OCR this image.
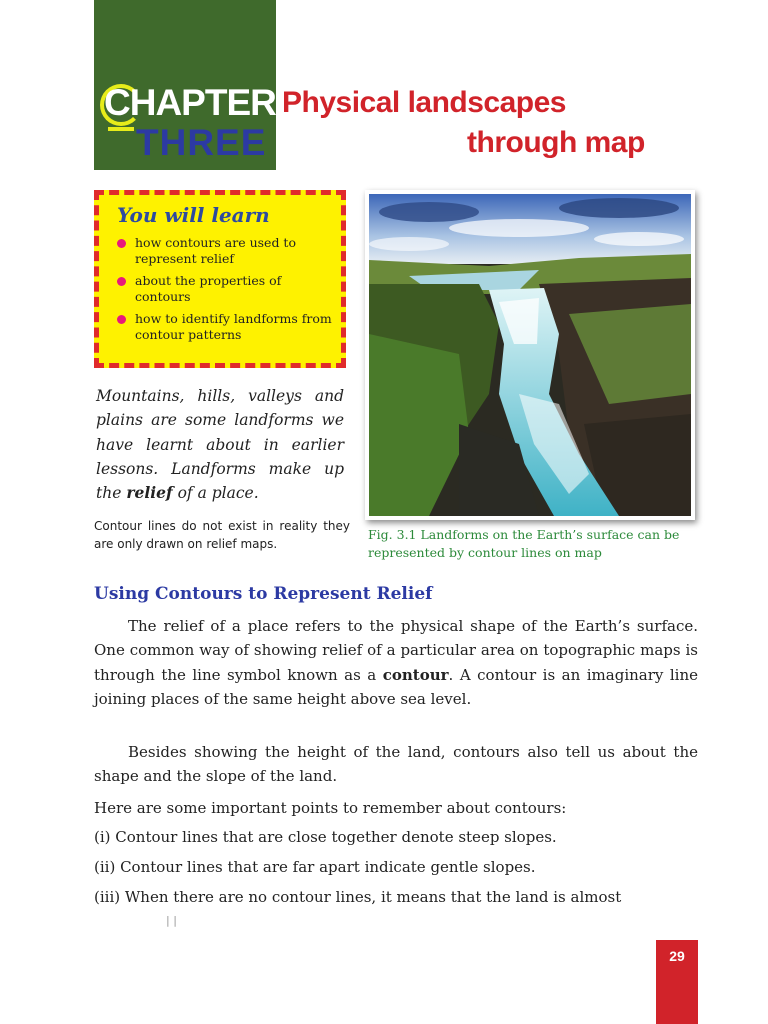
CHAPTER
THREE
Physical landscapes
through map
You will learn
how contours are used to represent relief
about the properties of contours
how to identify landforms from contour patterns

Mountains, hills, valleys and plains are some landforms we have learnt about in earlier lessons. Landforms make up the relief of a place.

Contour lines do not exist in reality they are only drawn on relief maps.

Fig. 3.1 Landforms on the Earth’s surface can be represented by contour lines on map

Using Contours to Represent Relief

The relief of a place refers to the physical shape of the Earth’s surface. One common way of showing relief of a particular area on topographic maps is through the line symbol known as a contour. A contour is an imaginary line joining places of the same height above sea level.

Besides showing the height of the land, contours also tell us about the shape and the slope of the land.

Here are some important points to remember about contours:

(i) Contour lines that are close together denote steep slopes.

(ii) Contour lines that are far apart indicate gentle slopes.

(iii) When there are no contour lines, it means that the land is almost

| |
29
